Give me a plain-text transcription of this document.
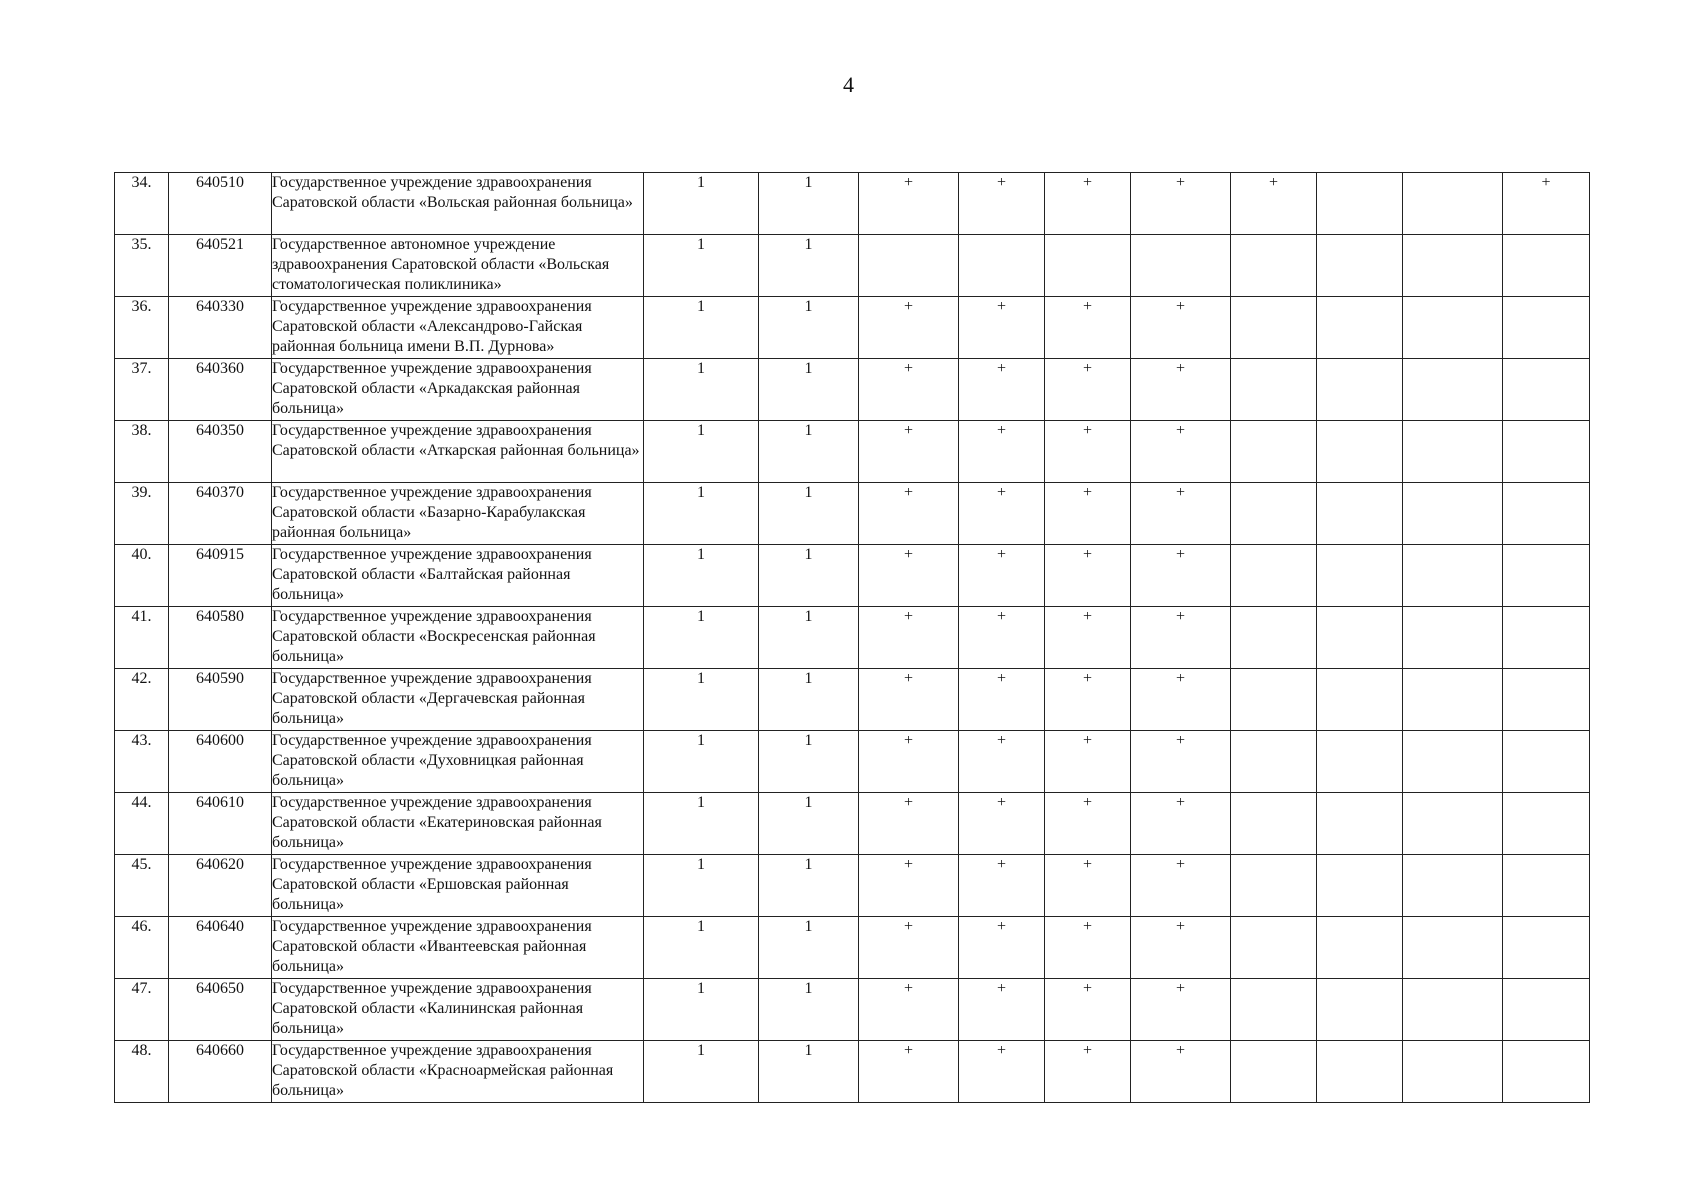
4
34.	640510	Государственное учреждение здравоохранения Саратовской области «Вольская районная больница»	1	1	+	+	+	+	+			+
35.	640521	Государственное автономное учреждение здравоохранения Саратовской области «Вольская стоматологическая поликлиника»	1	1								
36.	640330	Государственное учреждение здравоохранения Саратовской области «Александрово-Гайская районная больница имени В.П. Дурнова»	1	1	+	+	+	+				
37.	640360	Государственное учреждение здравоохранения Саратовской области «Аркадакская районная больница»	1	1	+	+	+	+				
38.	640350	Государственное учреждение здравоохранения Саратовской области «Аткарская районная больница»	1	1	+	+	+	+				
39.	640370	Государственное учреждение здравоохранения Саратовской области «Базарно-Карабулакская районная больница»	1	1	+	+	+	+				
40.	640915	Государственное учреждение здравоохранения Саратовской области «Балтайская районная больница»	1	1	+	+	+	+				
41.	640580	Государственное учреждение здравоохранения Саратовской области «Воскресенская районная больница»	1	1	+	+	+	+				
42.	640590	Государственное учреждение здравоохранения Саратовской области «Дергачевская районная больница»	1	1	+	+	+	+				
43.	640600	Государственное учреждение здравоохранения Саратовской области «Духовницкая районная больница»	1	1	+	+	+	+				
44.	640610	Государственное учреждение здравоохранения Саратовской области «Екатериновская районная больница»	1	1	+	+	+	+				
45.	640620	Государственное учреждение здравоохранения Саратовской области «Ершовская районная больница»	1	1	+	+	+	+				
46.	640640	Государственное учреждение здравоохранения Саратовской области «Ивантеевская районная больница»	1	1	+	+	+	+				
47.	640650	Государственное учреждение здравоохранения Саратовской области «Калининская районная больница»	1	1	+	+	+	+				
48.	640660	Государственное учреждение здравоохранения Саратовской области «Красноармейская районная больница»	1	1	+	+	+	+				
